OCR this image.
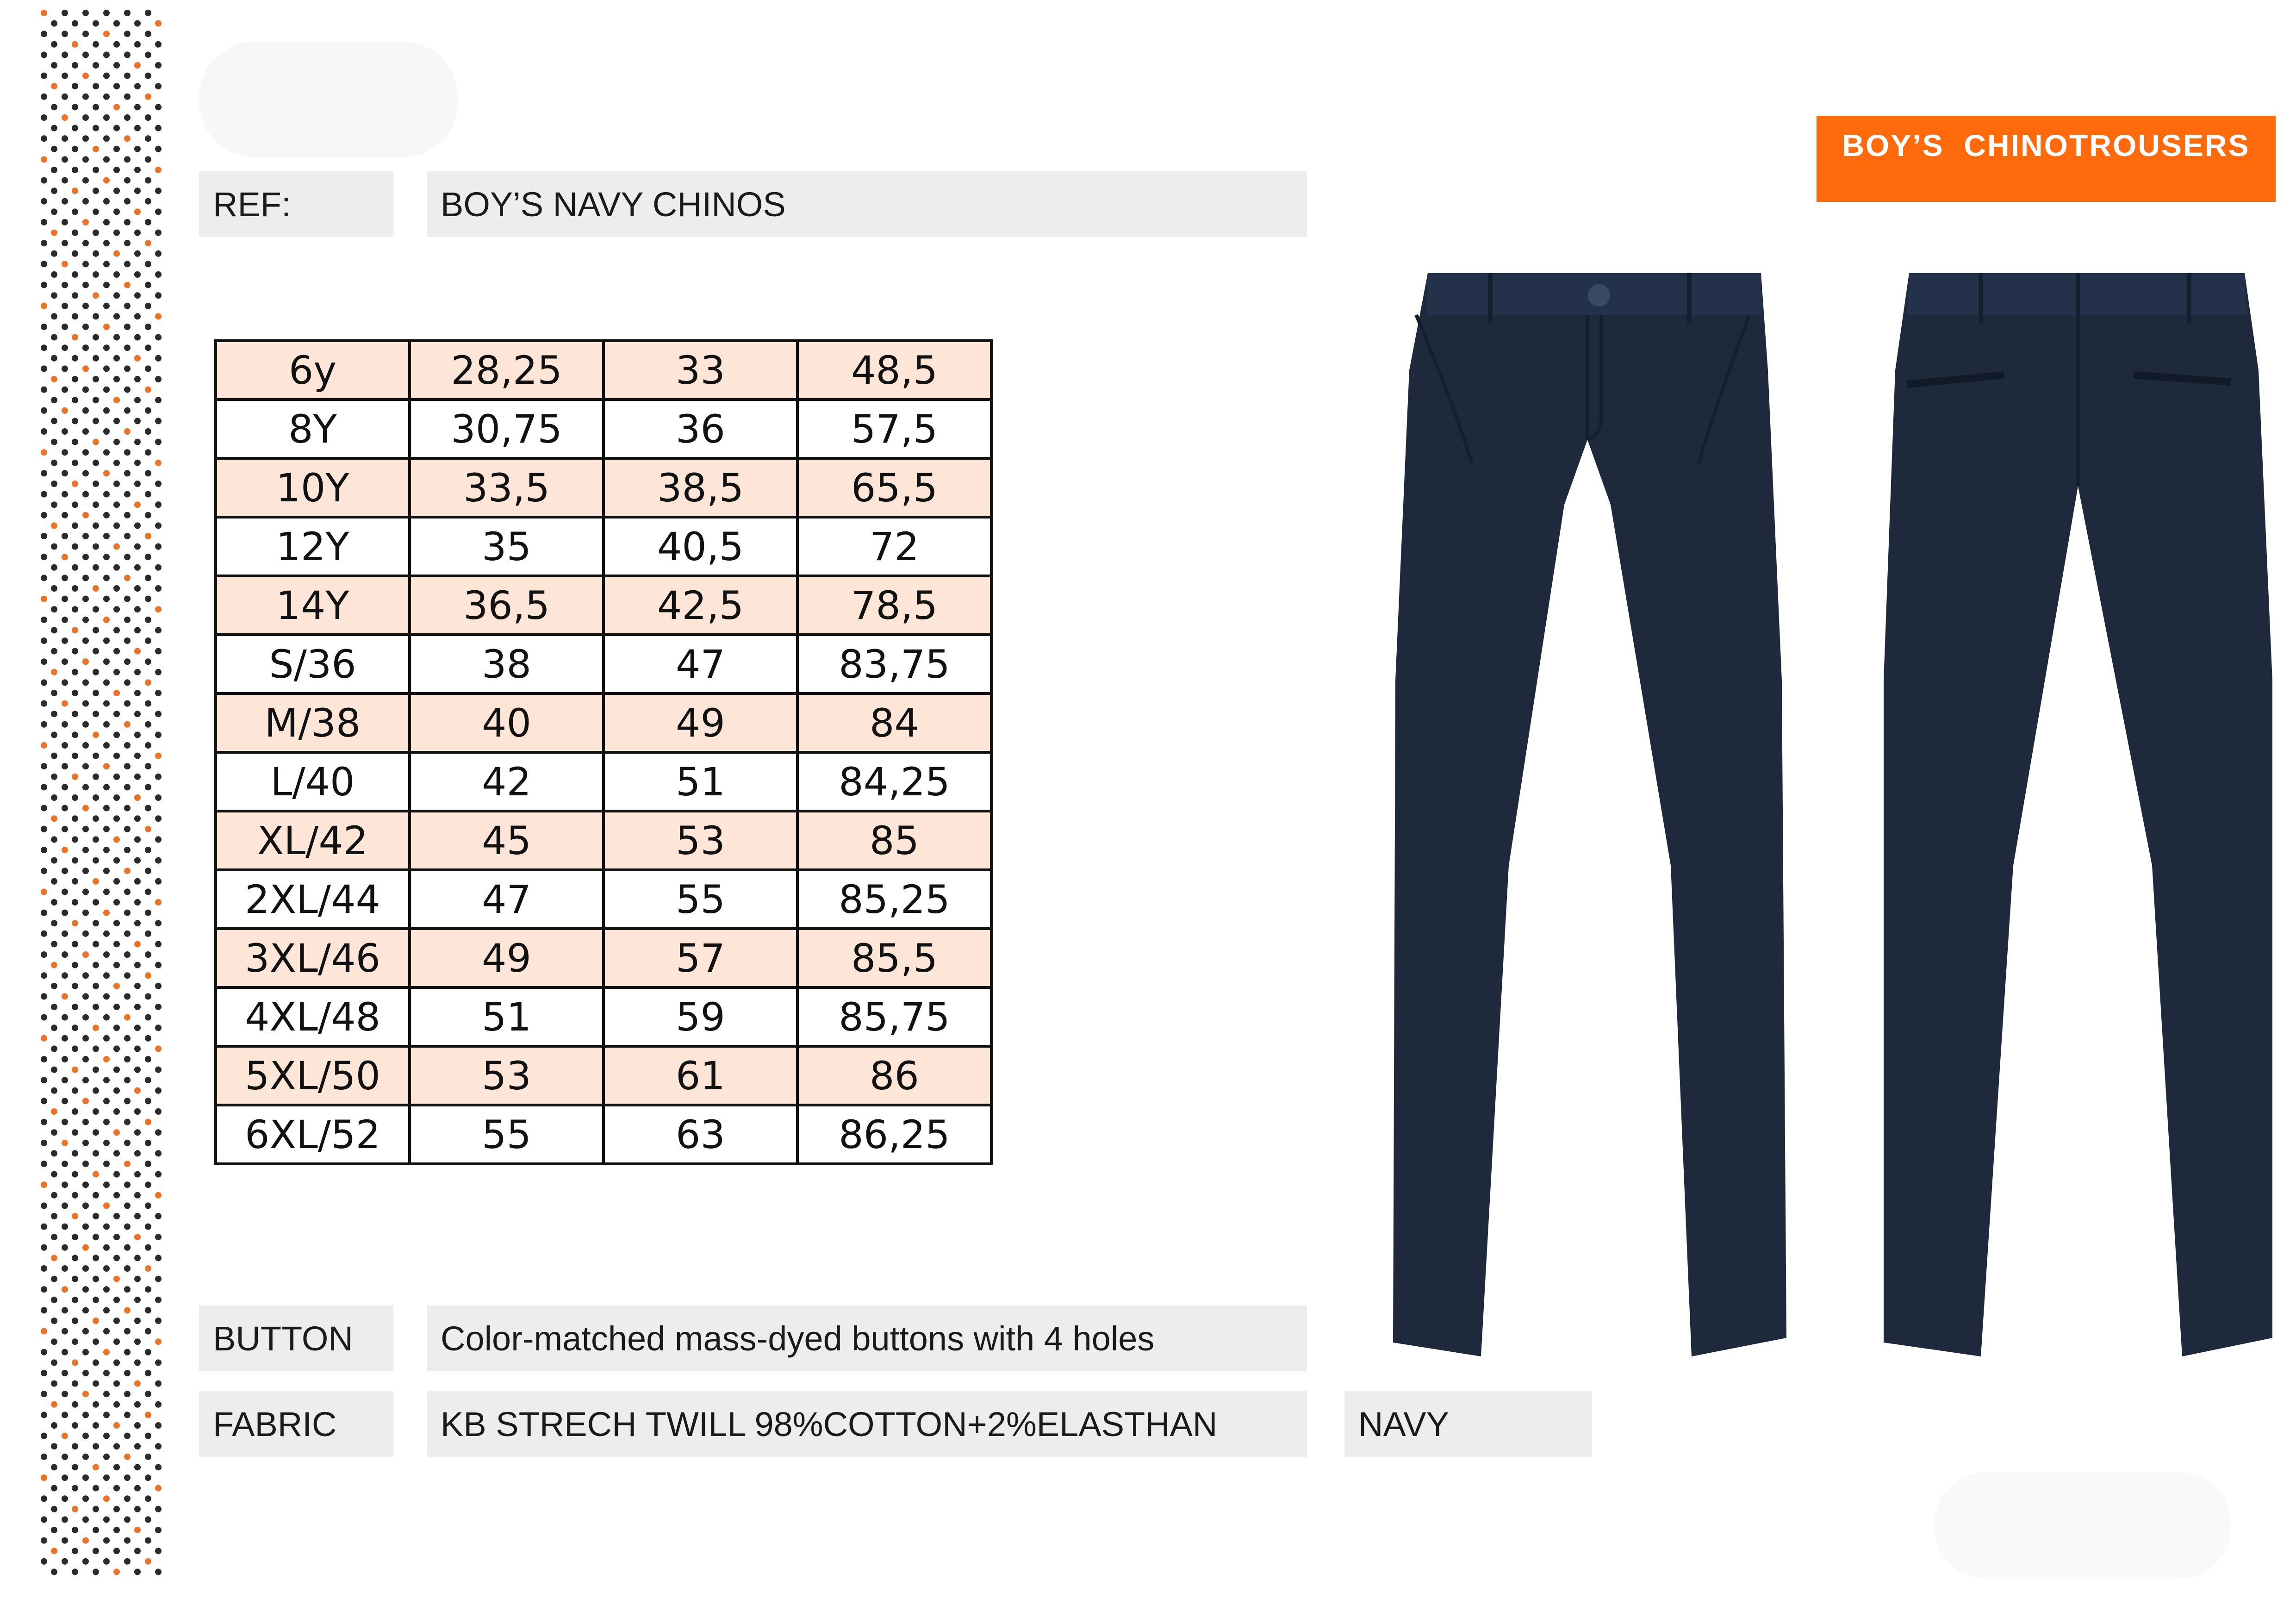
BOY’S  CHINOTROUSERS
REF:	BOY’S NAVY CHINOS
6y	28,25	33	48,5
8Y	30,75	36	57,5
10Y	33,5	38,5	65,5
12Y	35	40,5	72
14Y	36,5	42,5	78,5
S/36	38	47	83,75
M/38	40	49	84
L/40	42	51	84,25
XL/42	45	53	85
2XL/44	47	55	85,25
3XL/46	49	57	85,5
4XL/48	51	59	85,75
5XL/50	53	61	86
6XL/52	55	63	86,25
BUTTON	Color-matched mass-dyed buttons with 4 holes
FABRIC	KB STRECH TWILL 98%COTTON+2%ELASTHAN	NAVY
